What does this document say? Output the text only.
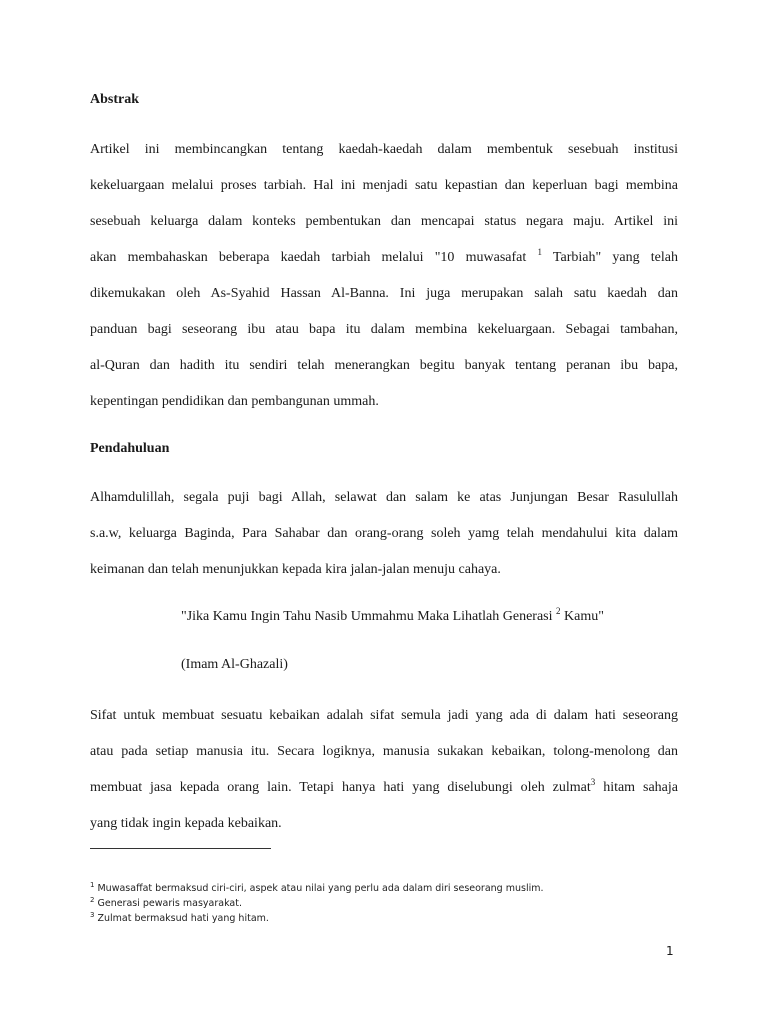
Abstrak
Artikel ini membincangkan tentang kaedah-kaedah dalam membentuk sesebuah institusi
kekeluargaan melalui proses tarbiah. Hal ini menjadi satu kepastian dan keperluan bagi membina
sesebuah keluarga dalam konteks pembentukan dan mencapai status negara maju. Artikel ini
akan membahaskan beberapa kaedah tarbiah melalui "10 muwasafat $^1$ Tarbiah" yang telah
dikemukakan oleh As-Syahid Hassan Al-Banna. Ini juga merupakan salah satu kaedah dan
panduan bagi seseorang ibu atau bapa itu dalam membina kekeluargaan. Sebagai tambahan,
al-Quran dan hadith itu sendiri telah menerangkan begitu banyak tentang peranan ibu bapa,
kepentingan pendidikan dan pembangunan ummah.
Pendahuluan
Alhamdulillah, segala puji bagi Allah, selawat dan salam ke atas Junjungan Besar Rasulullah
s.a.w, keluarga Baginda, Para Sahabar dan orang-orang soleh yamg telah mendahului kita dalam
keimanan dan telah menunjukkan kepada kira jalan-jalan menuju cahaya.
"Jika Kamu Ingin Tahu Nasib Ummahmu Maka Lihatlah Generasi $^2$ Kamu"
(Imam Al-Ghazali)
Sifat untuk membuat sesuatu kebaikan adalah sifat semula jadi yang ada di dalam hati seseorang
atau pada setiap manusia itu. Secara logiknya, manusia sukakan kebaikan, tolong-menolong dan
membuat jasa kepada orang lain. Tetapi hanya hati yang diselubungi oleh zulmat$^3$ hitam sahaja
yang tidak ingin kepada kebaikan.
$^1$ Muwasaffat bermaksud ciri-ciri, aspek atau nilai yang perlu ada dalam diri seseorang muslim.
$^2$ Generasi pewaris masyarakat.
$^3$ Zulmat bermaksud hati yang hitam.
1
